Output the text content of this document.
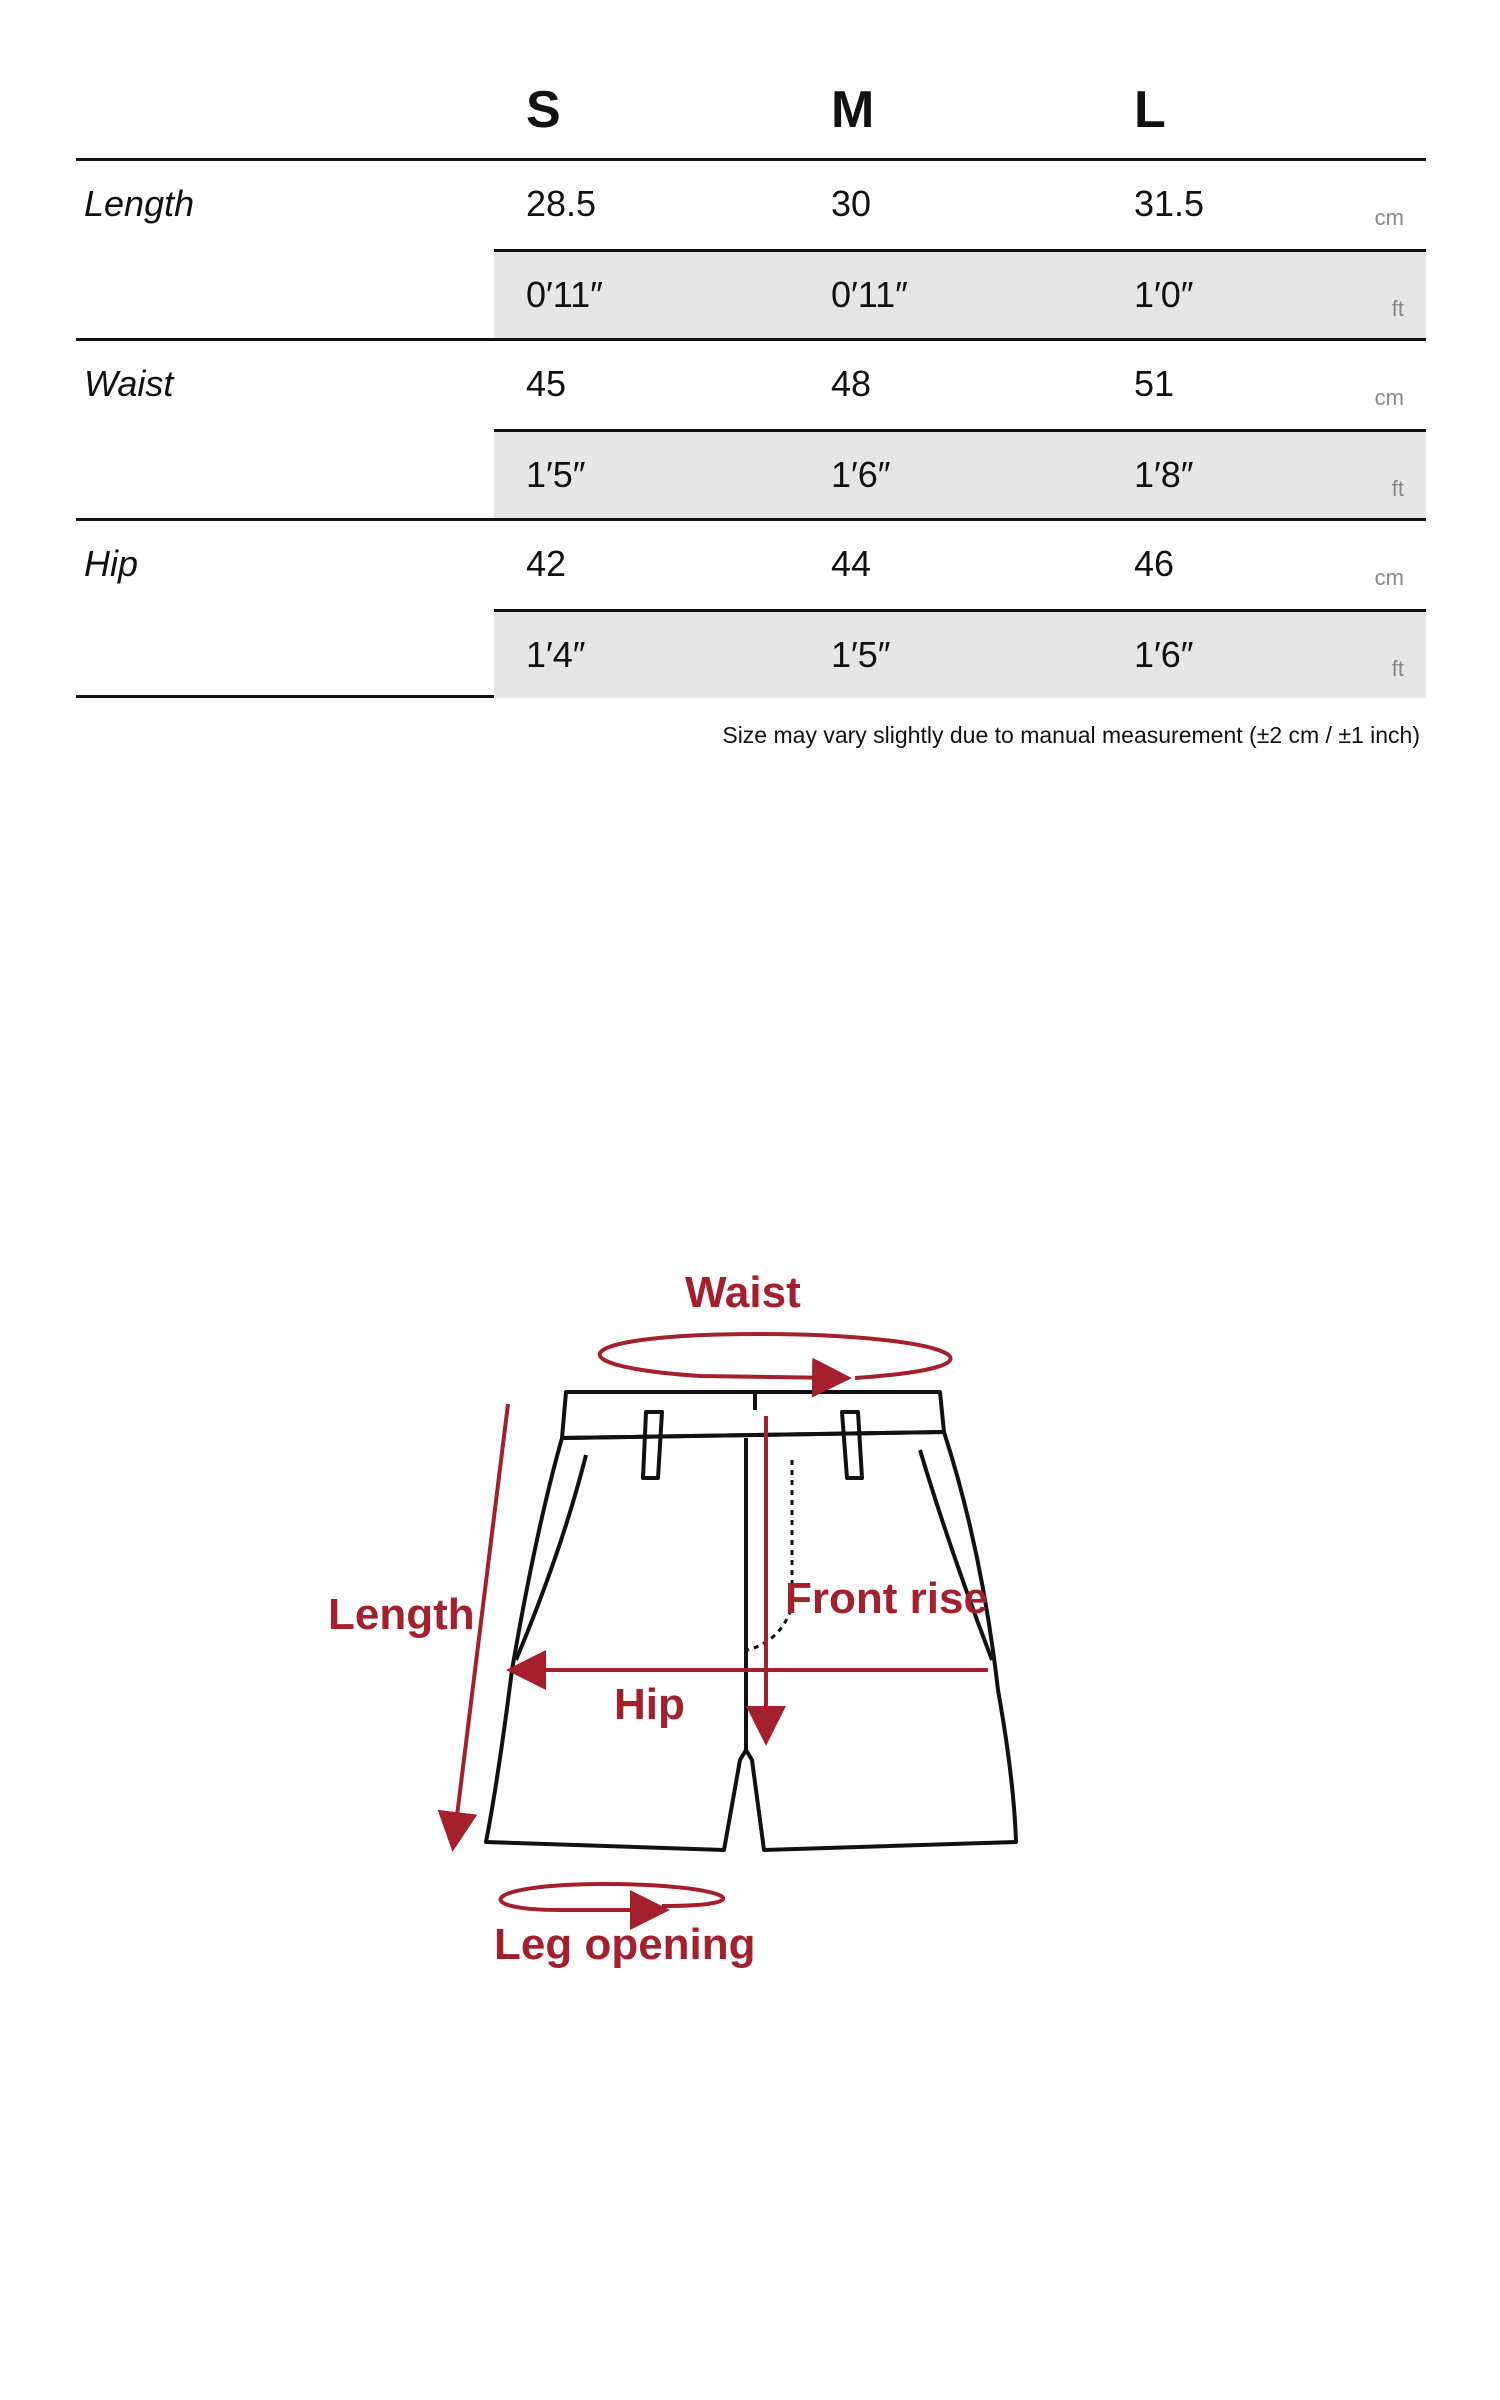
S	M	L
Length	28.5	30	31.5	cm
0′11″	0′11″	1′0″	ft
Waist	45	48	51	cm
1′5″	1′6″	1′8″	ft
Hip	42	44	46	cm
1′4″	1′5″	1′6″	ft
Size may vary slightly due to manual measurement (±2 cm / ±1 inch)
Waist
Length	Front rise
Hip
Leg opening
